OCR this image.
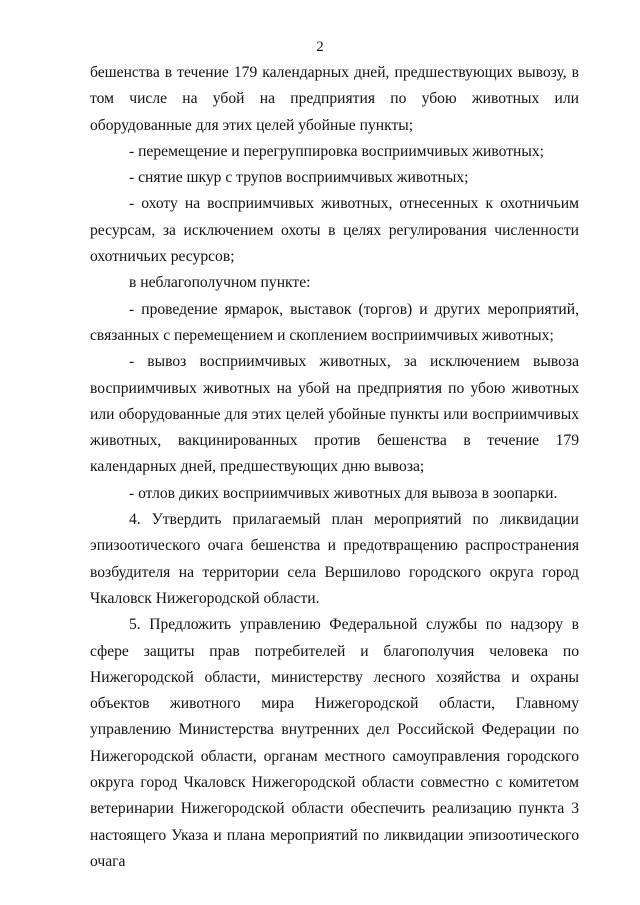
2

бешенства в течение 179 календарных дней, предшествующих вывозу, в том числе на убой на предприятия по убою животных или оборудованные для этих целей убойные пункты;

- перемещение и перегруппировка восприимчивых животных;

- снятие шкур с трупов восприимчивых животных;

- охоту на восприимчивых животных, отнесенных к охотничьим ресурсам, за исключением охоты в целях регулирования численности охотничьих ресурсов;

в неблагополучном пункте:

- проведение ярмарок, выставок (торгов) и других мероприятий, связанных с перемещением и скоплением восприимчивых животных;

- вывоз восприимчивых животных, за исключением вывоза восприимчивых животных на убой на предприятия по убою животных или оборудованные для этих целей убойные пункты или восприимчивых животных, вакцинированных против бешенства в течение 179 календарных дней, предшествующих дню вывоза;

- отлов диких восприимчивых животных для вывоза в зоопарки.

4. Утвердить прилагаемый план мероприятий по ликвидации эпизоотического очага бешенства и предотвращению распространения возбудителя на территории села Вершилово городского округа город Чкаловск Нижегородской области.

5. Предложить управлению Федеральной службы по надзору в сфере защиты прав потребителей и благополучия человека по Нижегородской области, министерству лесного хозяйства и охраны объектов животного мира Нижегородской области, Главному управлению Министерства внутренних дел Российской Федерации по Нижегородской области, органам местного самоуправления городского округа город Чкаловск Нижегородской области совместно с комитетом ветеринарии Нижегородской области обеспечить реализацию пункта 3 настоящего Указа и плана мероприятий по ликвидации эпизоотического очага
